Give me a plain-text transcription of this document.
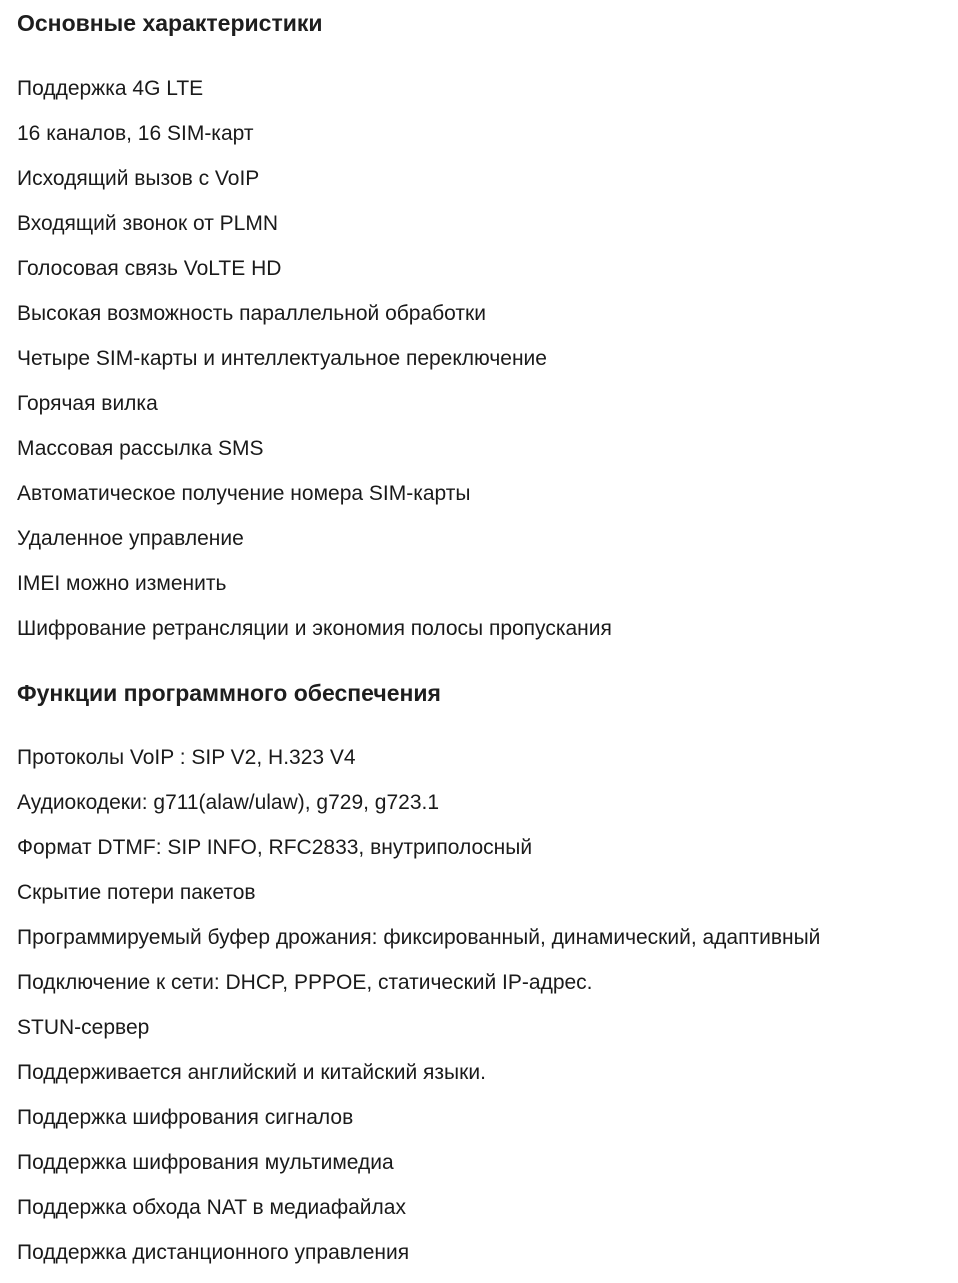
Основные характеристики
Поддержка 4G LTE
16 каналов, 16 SIM-карт
Исходящий вызов с VoIP
Входящий звонок от PLMN
Голосовая связь VoLTE HD
Высокая возможность параллельной обработки
Четыре SIM-карты и интеллектуальное переключение
Горячая вилка
Массовая рассылка SMS
Автоматическое получение номера SIM-карты
Удаленное управление
IMEI можно изменить
Шифрование ретрансляции и экономия полосы пропускания
Функции программного обеспечения
Протоколы VoIP : SIP V2, H.323 V4
Аудиокодеки: g711(alaw/ulaw), g729, g723.1
Формат DTMF: SIP INFO, RFC2833, внутриполосный
Скрытие потери пакетов
Программируемый буфер дрожания: фиксированный, динамический, адаптивный
Подключение к сети: DHCP, PPPOE, статический IP-адрес.
STUN-сервер
Поддерживается английский и китайский языки.
Поддержка шифрования сигналов
Поддержка шифрования мультимедиа
Поддержка обхода NAT в медиафайлах
Поддержка дистанционного управления
